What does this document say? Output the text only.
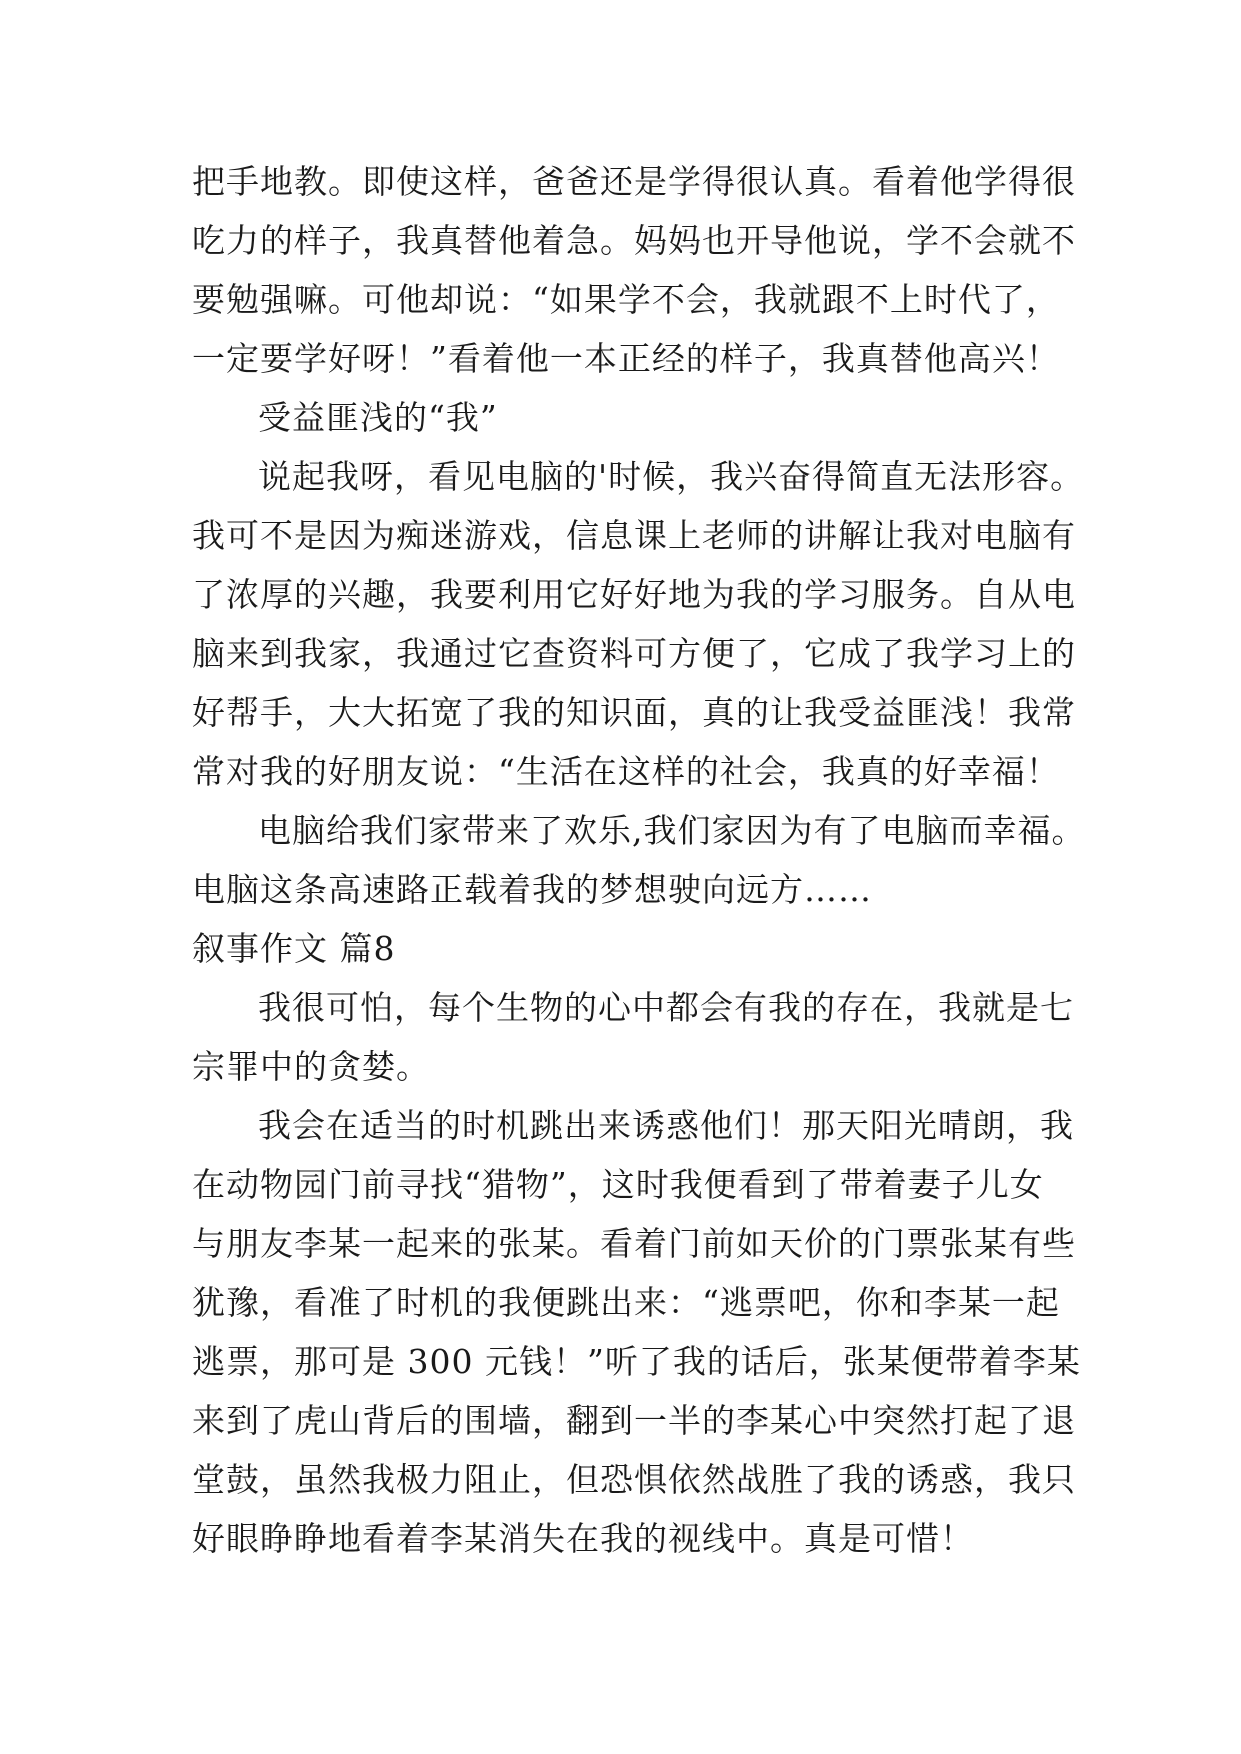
把手地教。即使这样，爸爸还是学得很认真。看着他学得很
吃力的样子，我真替他着急。妈妈也开导他说，学不会就不
要勉强嘛。可他却说：“如果学不会，我就跟不上时代了，
一定要学好呀！”看着他一本正经的样子，我真替他高兴！
受益匪浅的“我”
说起我呀，看见电脑的'时候，我兴奋得简直无法形容。
我可不是因为痴迷游戏，信息课上老师的讲解让我对电脑有
了浓厚的兴趣，我要利用它好好地为我的学习服务。自从电
脑来到我家，我通过它查资料可方便了，它成了我学习上的
好帮手，大大拓宽了我的知识面，真的让我受益匪浅！我常
常对我的好朋友说：“生活在这样的社会，我真的好幸福！
电脑给我们家带来了欢乐,我们家因为有了电脑而幸福。
电脑这条高速路正载着我的梦想驶向远方……
叙事作文 篇8
我很可怕，每个生物的心中都会有我的存在，我就是七
宗罪中的贪婪。
我会在适当的时机跳出来诱惑他们！那天阳光晴朗，我
在动物园门前寻找“猎物”，这时我便看到了带着妻子儿女
与朋友李某一起来的张某。看着门前如天价的门票张某有些
犹豫，看准了时机的我便跳出来：“逃票吧，你和李某一起
逃票，那可是 300 元钱！”听了我的话后，张某便带着李某
来到了虎山背后的围墙，翻到一半的李某心中突然打起了退
堂鼓，虽然我极力阻止，但恐惧依然战胜了我的诱惑，我只
好眼睁睁地看着李某消失在我的视线中。真是可惜！
